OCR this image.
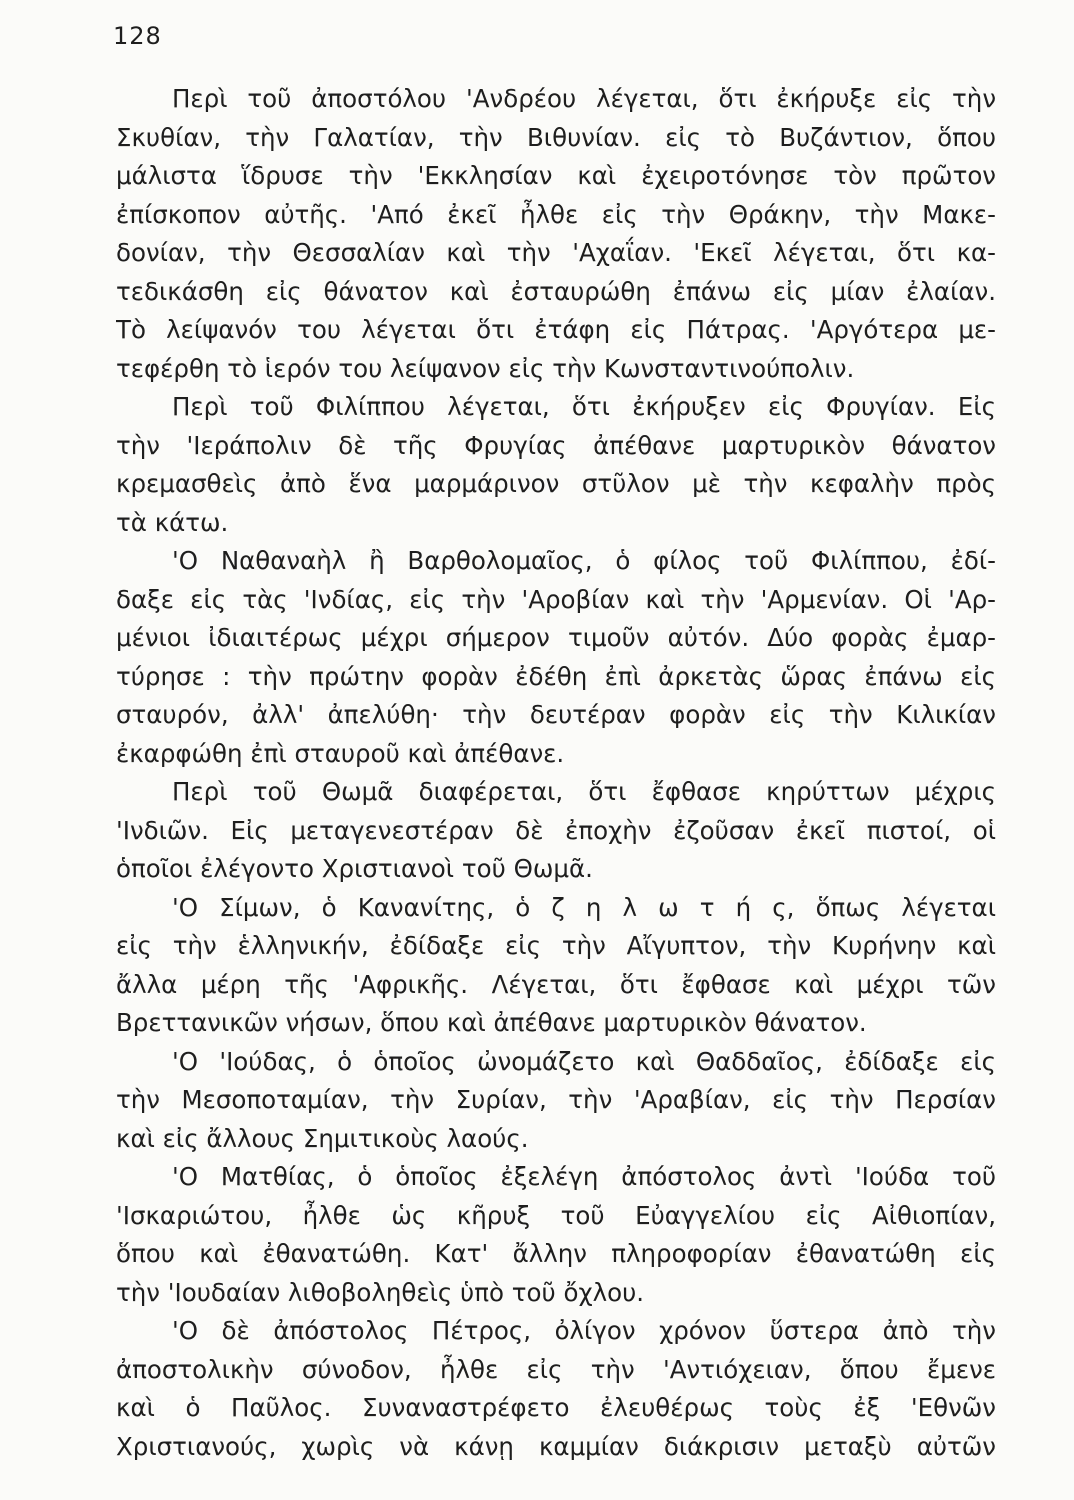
128
Περὶ τοῦ ἀποστόλου 'Ανδρέου λέγεται, ὅτι ἐκήρυξε εἰς τὴν
Σκυθίαν, τὴν Γαλατίαν, τὴν Βιθυνίαν. εἰς τὸ Βυζάντιον, ὅπου
μάλιστα ἵδρυσε τὴν 'Εκκλησίαν καὶ ἐχειροτόνησε τὸν πρῶτον
ἐπίσκοπον αὐτῆς. 'Από ἐκεῖ ἦλθε εἰς τὴν Θράκην, τὴν Μακε-
δονίαν, τὴν Θεσσαλίαν καὶ τὴν 'Αχαΐαν. 'Εκεῖ λέγεται, ὅτι κα-
τεδικάσθη εἰς θάνατον καὶ ἐσταυρώθη ἐπάνω εἰς μίαν ἐλαίαν.
Τὸ λείψανόν του λέγεται ὅτι ἐτάφη εἰς Πάτρας. 'Αργότερα με-
τεφέρθη τὸ ἱερόν του λείψανον εἰς τὴν Κωνσταντινούπολιν.
Περὶ τοῦ Φιλίππου λέγεται, ὅτι ἐκήρυξεν εἰς Φρυγίαν. Εἰς
τὴν 'Ιεράπολιν δὲ τῆς Φρυγίας ἀπέθανε μαρτυρικὸν θάνατον
κρεμασθεὶς ἀπὸ ἕνα μαρμάρινον στῦλον μὲ τὴν κεφαλὴν πρὸς
τὰ κάτω.
'Ο Ναθαναὴλ ἢ Βαρθολομαῖος, ὁ φίλος τοῦ Φιλίππου, ἐδί-
δαξε εἰς τὰς 'Ινδίας, εἰς τὴν 'Αροβίαν καὶ τὴν 'Αρμενίαν. Οἱ 'Αρ-
μένιοι ἰδιαιτέρως μέχρι σήμερον τιμοῦν αὐτόν. Δύο φορὰς ἐμαρ-
τύρησε : τὴν πρώτην φορὰν ἐδέθη ἐπὶ ἀρκετὰς ὥρας ἐπάνω εἰς
σταυρόν, ἀλλ' ἀπελύθη· τὴν δευτέραν φορὰν εἰς τὴν Κιλικίαν
ἐκαρφώθη ἐπὶ σταυροῦ καὶ ἀπέθανε.
Περὶ τοῦ Θωμᾶ διαφέρεται, ὅτι ἔφθασε κηρύττων μέχρις
'Ινδιῶν. Εἰς μεταγενεστέραν δὲ ἐποχὴν ἐζοῦσαν ἐκεῖ πιστοί, οἱ
ὁποῖοι ἐλέγοντο Χριστιανοὶ τοῦ Θωμᾶ.
'Ο Σίμων, ὁ Κανανίτης, ὁ ζ η λ ω τ ή ς, ὅπως λέγεται
εἰς τὴν ἑλληνικήν, ἐδίδαξε εἰς τὴν Αἴγυπτον, τὴν Κυρήνην καὶ
ἄλλα μέρη τῆς 'Αφρικῆς. Λέγεται, ὅτι ἔφθασε καὶ μέχρι τῶν
Βρεττανικῶν νήσων, ὅπου καὶ ἀπέθανε μαρτυρικὸν θάνατον.
'Ο 'Ιούδας, ὁ ὁποῖος ὠνομάζετο καὶ Θαδδαῖος, ἐδίδαξε εἰς
τὴν Μεσοποταμίαν, τὴν Συρίαν, τὴν 'Αραβίαν, εἰς τὴν Περσίαν
καὶ εἰς ἄλλους Σημιτικοὺς λαούς.
'Ο Ματθίας, ὁ ὁποῖος ἐξελέγη ἀπόστολος ἀντὶ 'Ιούδα τοῦ
'Ισκαριώτου, ἦλθε ὡς κῆρυξ τοῦ Εὐαγγελίου εἰς Αἰθιοπίαν,
ὅπου καὶ ἐθανατώθη. Κατ' ἄλλην πληροφορίαν ἐθανατώθη εἰς
τὴν 'Ιουδαίαν λιθοβοληθεὶς ὑπὸ τοῦ ὄχλου.
'Ο δὲ ἀπόστολος Πέτρος, ὀλίγον χρόνον ὕστερα ἀπὸ τὴν
ἀποστολικὴν σύνοδον, ἦλθε εἰς τὴν 'Αντιόχειαν, ὅπου ἔμενε
καὶ ὁ Παῦλος. Συναναστρέφετο ἐλευθέρως τοὺς ἐξ 'Εθνῶν
Χριστιανούς, χωρὶς νὰ κάνῃ καμμίαν διάκρισιν μεταξὺ αὐτῶν
